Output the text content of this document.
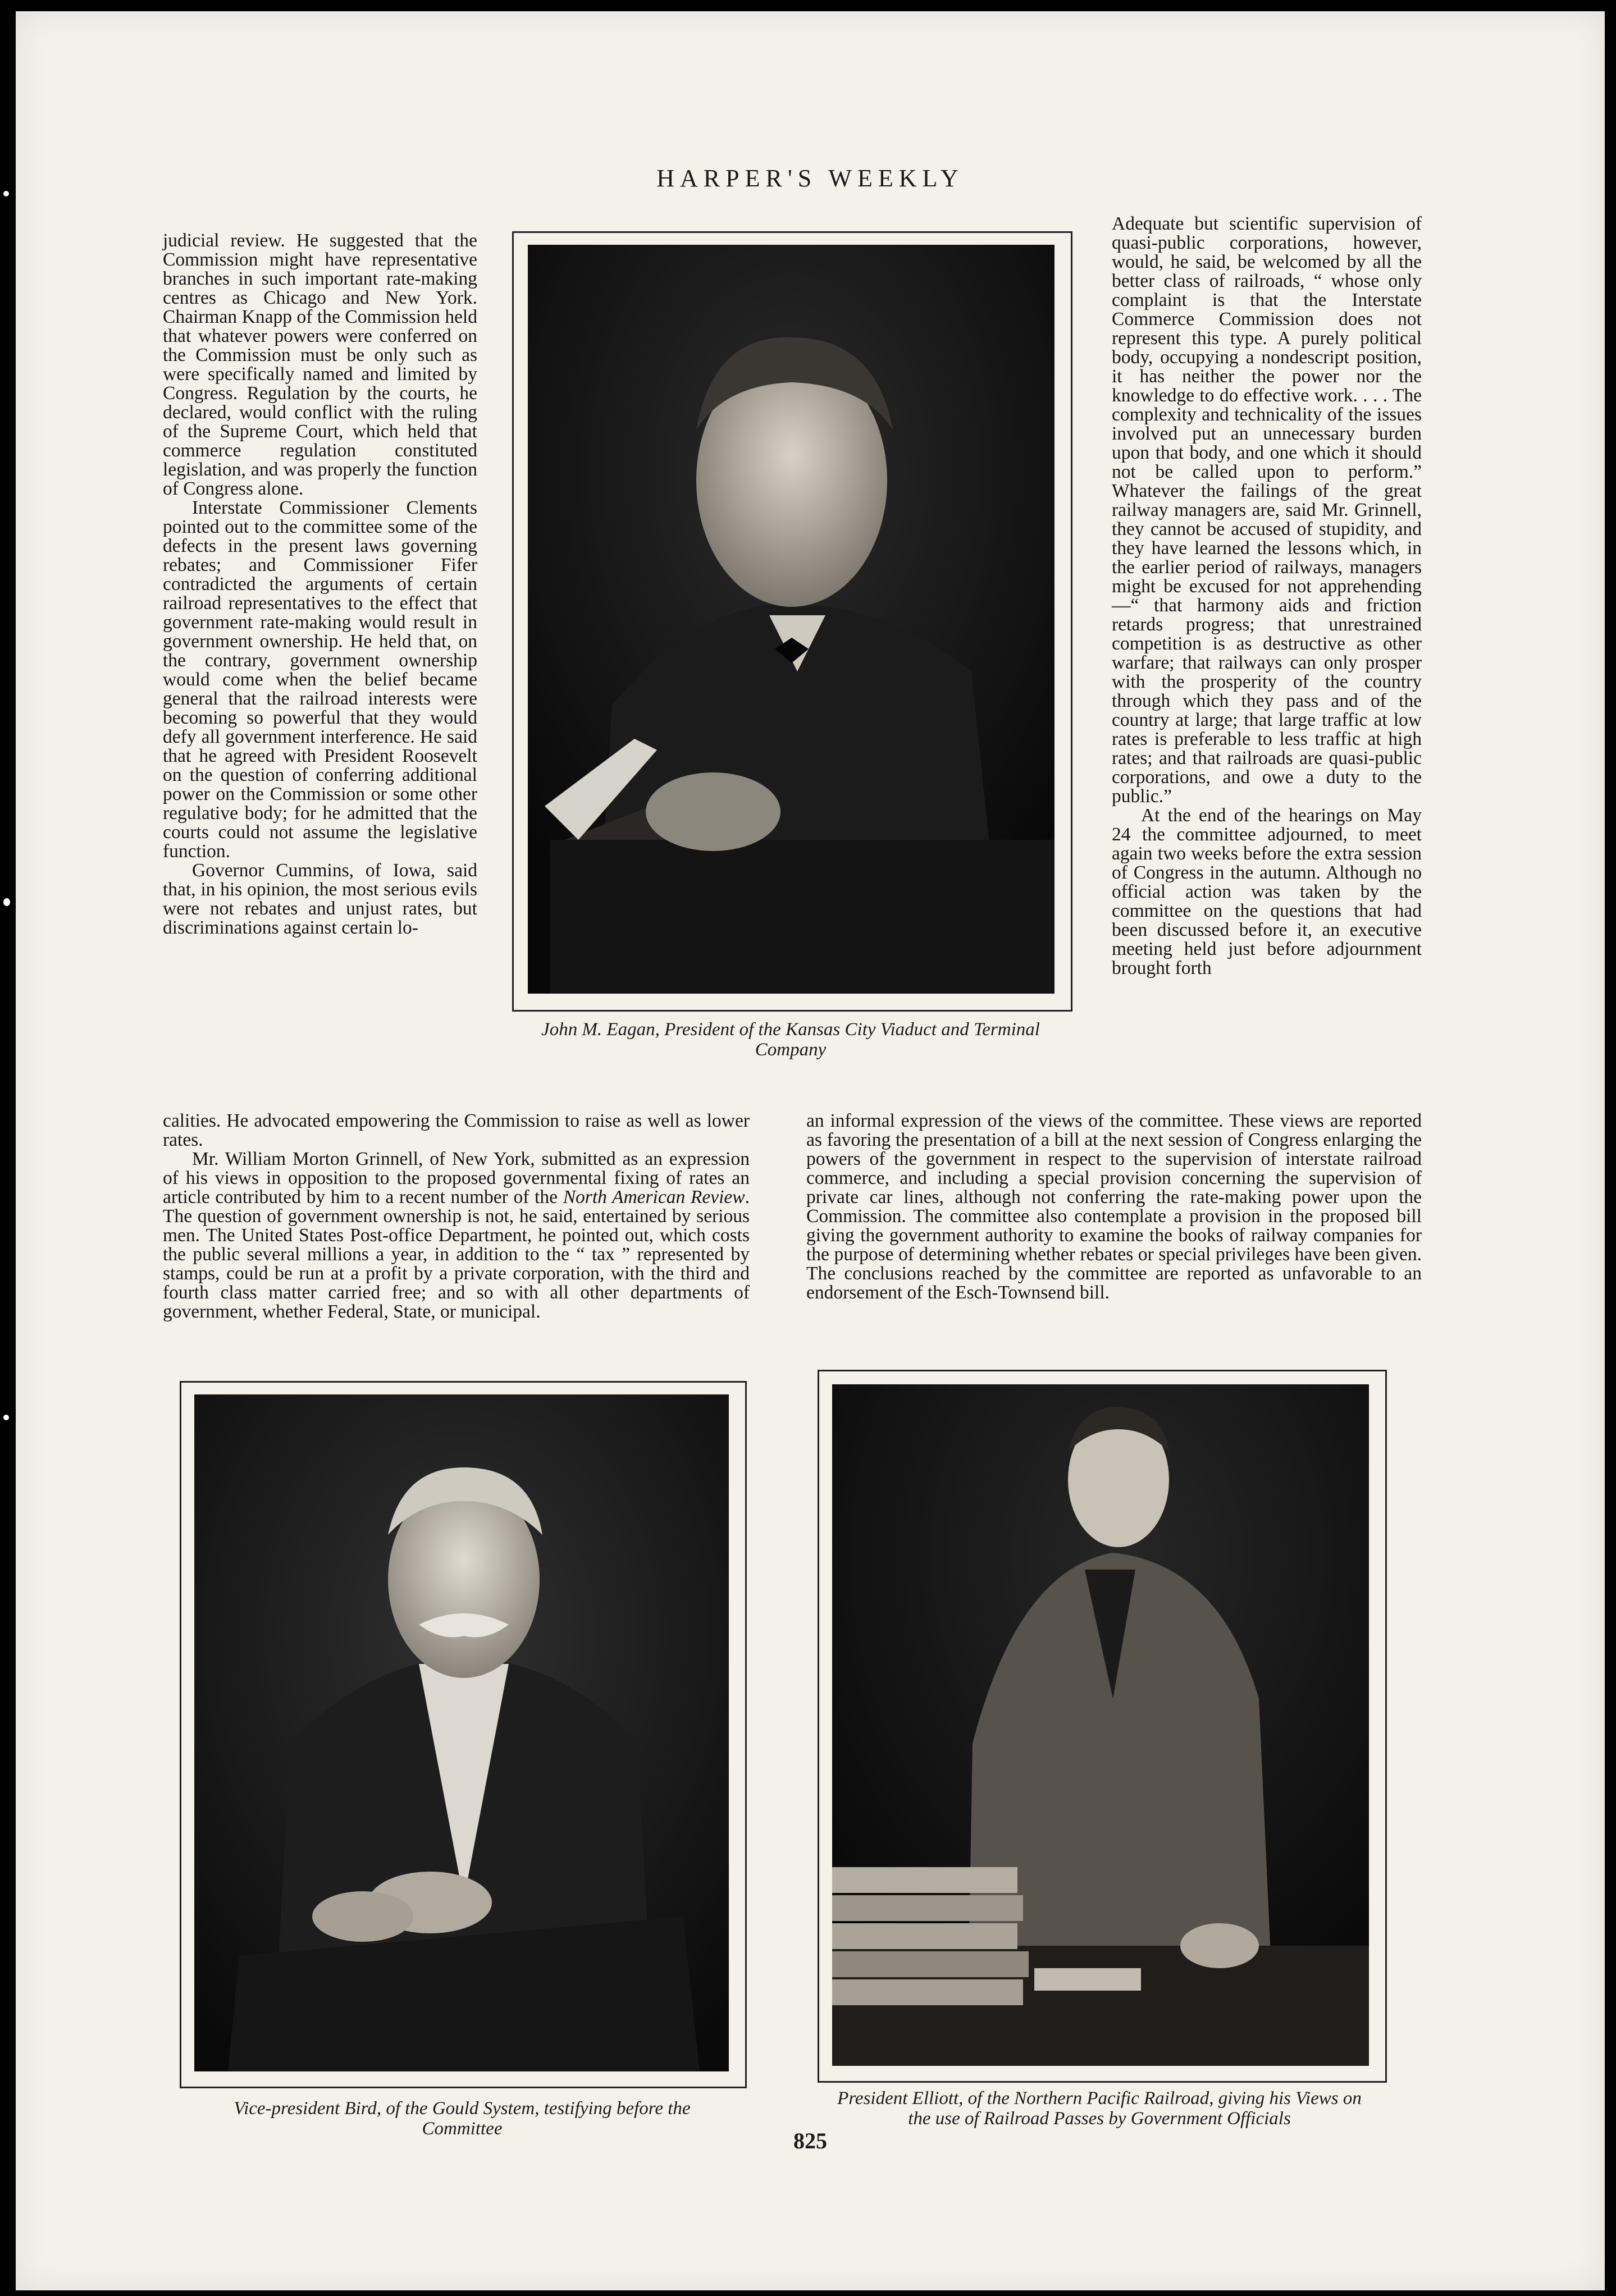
HARPER'S WEEKLY

judicial review. He suggested that the Commission might have representative branches in such important rate-making centres as Chicago and New York. Chairman Knapp of the Commission held that whatever powers were conferred on the Commission must be only such as were specifically named and limited by Congress. Regulation by the courts, he declared, would conflict with the ruling of the Supreme Court, which held that commerce regulation constituted legislation, and was properly the function of Congress alone.

Interstate Commissioner Clements pointed out to the committee some of the defects in the present laws governing rebates; and Commissioner Fifer contradicted the arguments of certain railroad representatives to the effect that government rate-making would result in government ownership. He held that, on the contrary, government ownership would come when the belief became general that the railroad interests were becoming so powerful that they would defy all government interference. He said that he agreed with President Roosevelt on the question of conferring additional power on the Commission or some other regulative body; for he admitted that the courts could not assume the legislative function.

Governor Cummins, of Iowa, said that, in his opinion, the most serious evils were not rebates and unjust rates, but discriminations against certain lo-

calities. He advocated empowering the Commission to raise as well as lower rates.

Mr. William Morton Grinnell, of New York, submitted as an expression of his views in opposition to the proposed governmental fixing of rates an article contributed by him to a recent number of the North American Review. The question of government ownership is not, he said, entertained by serious men. The United States Post-office Department, he pointed out, which costs the public several millions a year, in addition to the “ tax ” represented by stamps, could be run at a profit by a private corporation, with the third and fourth class matter carried free; and so with all other departments of government, whether Federal, State, or municipal.

John M. Eagan, President of the Kansas City Viaduct and Terminal Company

Adequate but scientific supervision of quasi-public corporations, however, would, he said, be welcomed by all the better class of railroads, “ whose only complaint is that the Interstate Commerce Commission does not represent this type. A purely political body, occupying a nondescript position, it has neither the power nor the knowledge to do effective work. . . . The complexity and technicality of the issues involved put an unnecessary burden upon that body, and one which it should not be called upon to perform.” Whatever the failings of the great railway managers are, said Mr. Grinnell, they cannot be accused of stupidity, and they have learned the lessons which, in the earlier period of railways, managers might be excused for not apprehending—“ that harmony aids and friction retards progress; that unrestrained competition is as destructive as other warfare; that railways can only prosper with the prosperity of the country through which they pass and of the country at large; that large traffic at low rates is preferable to less traffic at high rates; and that railroads are quasi-public corporations, and owe a duty to the public.”

At the end of the hearings on May 24 the committee adjourned, to meet again two weeks before the extra session of Congress in the autumn. Although no official action was taken by the committee on the questions that had been discussed before it, an executive meeting held just before adjournment brought forth

an informal expression of the views of the committee. These views are reported as favoring the presentation of a bill at the next session of Congress enlarging the powers of the government in respect to the supervision of interstate railroad commerce, and including a special provision concerning the supervision of private car lines, although not conferring the rate-making power upon the Commission. The committee also contemplate a provision in the proposed bill giving the government authority to examine the books of railway companies for the purpose of determining whether rebates or special privileges have been given. The conclusions reached by the committee are reported as unfavorable to an endorsement of the Esch-Townsend bill.

Vice-president Bird, of the Gould System, testifying before the Committee
President Elliott, of the Northern Pacific Railroad, giving his Views on the use of Railroad Passes by Government Officials
825
